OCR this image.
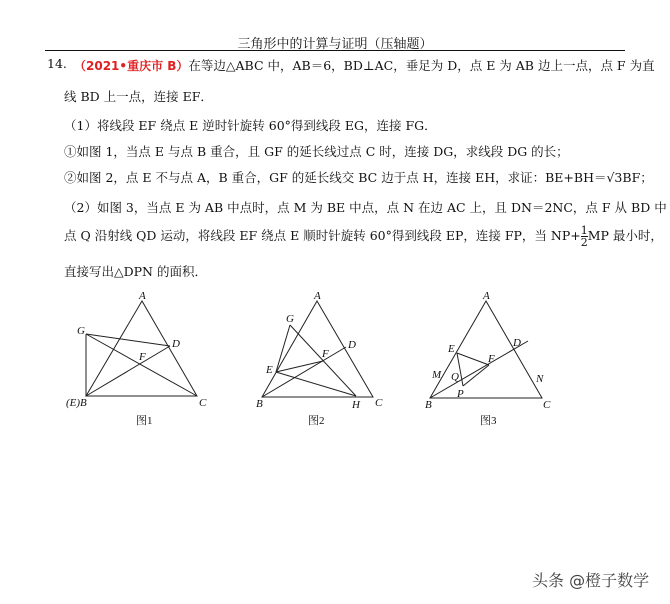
三角形中的计算与证明（压轴题）
14. （2021•重庆市 B）在等边△ABC 中，AB＝6，BD⊥AC，垂足为 D，点 E 为 AB 边上一点，点 F 为直
线 BD 上一点，连接 EF．
（1）将线段 EF 绕点 E 逆时针旋转 60°得到线段 EG，连接 FG．
①如图 1，当点 E 与点 B 重合，且 GF 的延长线过点 C 时，连接 DG，求线段 DG 的长；
②如图 2，点 E 不与点 A，B 重合，GF 的延长线交 BC 边于点 H，连接 EH，求证：BE+BH＝√3BF；
（2）如图 3，当点 E 为 AB 中点时，点 M 为 BE 中点，点 N 在边 AC 上，且 DN＝2NC，点 F 从 BD 中
点 Q 沿射线 QD 运动，将线段 EF 绕点 E 顺时针旋转 60°得到线段 EP，连接 FP，当 $NP+ \frac{1}{2}$ MP 最小时，
直接写出△DPN 的面积．
A
G
D
F
(E)B	C
图1
A
G
D
F
E
B	H C
图2
A
E	D
F
M Q	N
P
B	C
图3
头条 @橙子数学
